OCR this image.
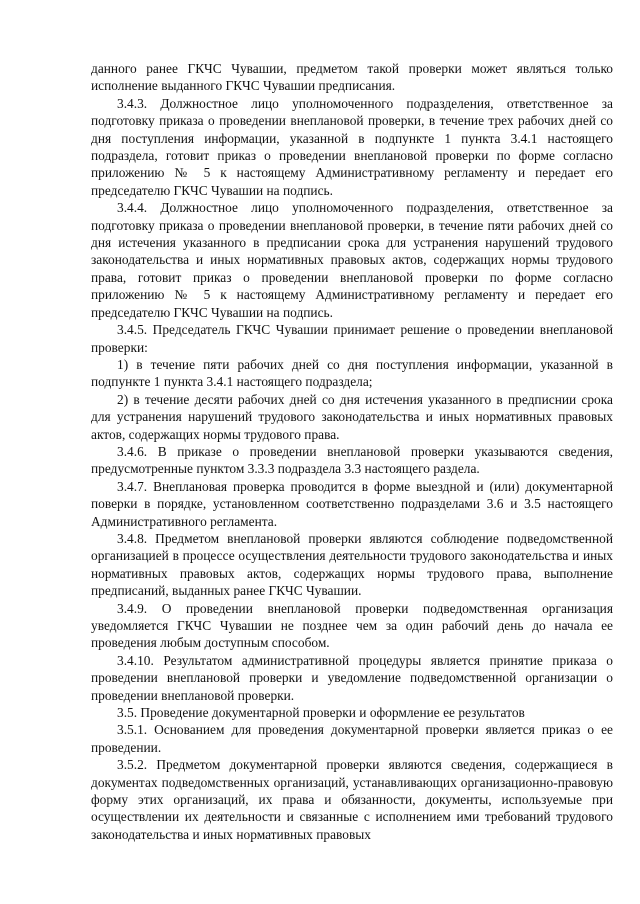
данного ранее ГКЧС Чувашии, предметом такой проверки может являться только исполнение выданного ГКЧС Чувашии предписания.

3.4.3. Должностное лицо уполномоченного подразделения, ответственное за подготовку приказа о проведении внеплановой проверки, в течение трех рабочих дней со дня поступления информации, указанной в подпункте 1 пункта 3.4.1 настоящего подраздела, готовит приказ о проведении внеплановой проверки по форме согласно приложению № 5 к настоящему Административному регламенту и передает его председателю ГКЧС Чувашии на подпись.

3.4.4. Должностное лицо уполномоченного подразделения, ответственное за подготовку приказа о проведении внеплановой проверки, в течение пяти рабочих дней со дня истечения указанного в предписании срока для устранения нарушений трудового законодательства и иных нормативных правовых актов, содержащих нормы трудового права, готовит приказ о проведении внеплановой проверки по форме согласно приложению № 5 к настоящему Административному регламенту и передает его председателю ГКЧС Чувашии на подпись.

3.4.5. Председатель ГКЧС Чувашии принимает решение о проведении внеплановой проверки:

1) в течение пяти рабочих дней со дня поступления информации, указанной в подпункте 1 пункта 3.4.1 настоящего подраздела;

2) в течение десяти рабочих дней со дня истечения указанного в предписнии срока для устранения нарушений трудового законодательства и иных нормативных правовых актов, содержащих нормы трудового права.

3.4.6. В приказе о проведении внеплановой проверки указываются сведения, предусмотренные пунктом 3.3.3 подраздела 3.3 настоящего раздела.

3.4.7. Внеплановая проверка проводится в форме выездной и (или) документарной поверки в порядке, установленном соответственно подразделами 3.6 и 3.5 настоящего Административного регламента.

3.4.8. Предметом внеплановой проверки являются соблюдение подведомственной организацией в процессе осуществления деятельности трудового законодательства и иных нормативных правовых актов, содержащих нормы трудового права, выполнение предписаний, выданных ранее ГКЧС Чувашии.

3.4.9. О проведении внеплановой проверки подведомственная организация уведомляется ГКЧС Чувашии не позднее чем за один рабочий день до начала ее проведения любым доступным способом.

3.4.10. Результатом административной процедуры является принятие приказа о проведении внеплановой проверки и уведомление подведомственной организации о проведении внеплановой проверки.

3.5. Проведение документарной проверки и оформление ее результатов

3.5.1. Основанием для проведения документарной проверки является приказ о ее проведении.

3.5.2. Предметом документарной проверки являются сведения, содержащиеся в документах подведомственных организаций, устанавливающих организационно-правовую форму этих организаций, их права и обязанности, документы, используемые при осуществлении их деятельности и связанные с исполнением ими требований трудового законодательства и иных нормативных правовых
